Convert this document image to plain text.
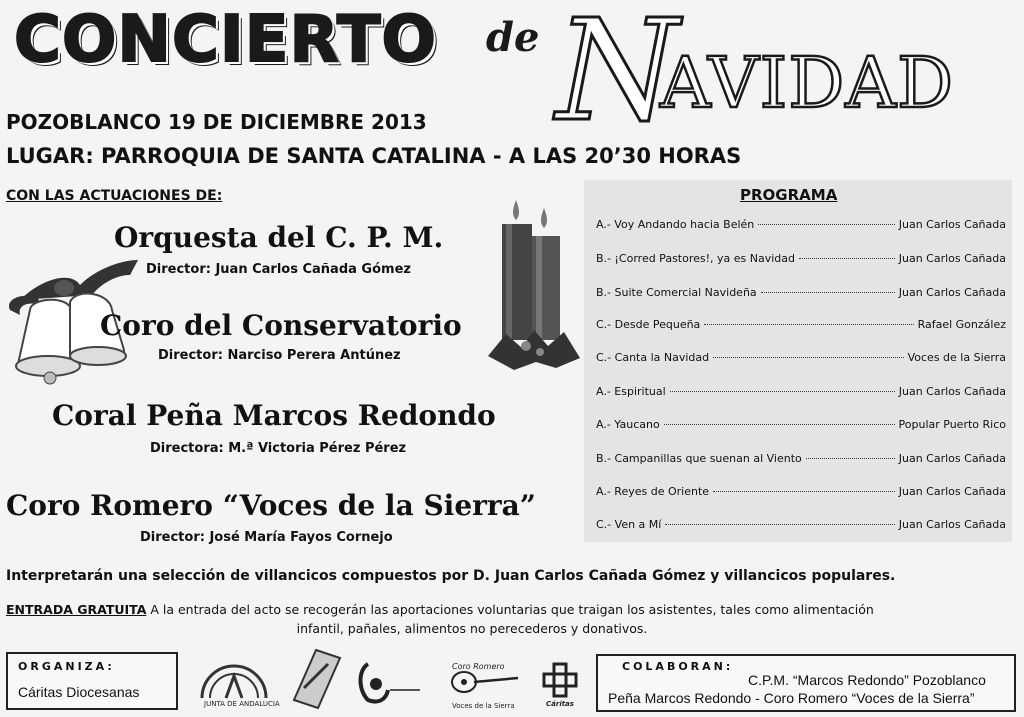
CONCIERTO de N
AVIDAD
POZOBLANCO 19 DE DICIEMBRE 2013
LUGAR: PARROQUIA DE SANTA CATALINA - A LAS 20’30 HORAS
CON LAS ACTUACIONES DE:
Orquesta del C. P. M.
Director: Juan Carlos Cañada Gómez
Coro del Conservatorio
Director: Narciso Perera Antúnez
Coral Peña Marcos Redondo
Directora: M.ª Victoria Pérez Pérez
Coro Romero “Voces de la Sierra”
Director: José María Fayos Cornejo
PROGRAMA
A.- Voy Andando hacia Belén	Juan Carlos Cañada
B.- ¡Corred Pastores!, ya es Navidad	Juan Carlos Cañada
B.- Suite Comercial Navideña	Juan Carlos Cañada
C.- Desde Pequeña	Rafael González
C.- Canta la Navidad	Voces de la Sierra
A.- Espiritual	Juan Carlos Cañada
A.- Yaucano	Popular Puerto Rico
B.- Campanillas que suenan al Viento	Juan Carlos Cañada
A.- Reyes de Oriente	Juan Carlos Cañada
C.- Ven a Mí	Juan Carlos Cañada
Interpretarán una selección de villancicos compuestos por D. Juan Carlos Cañada Gómez y villancicos populares.
ENTRADA GRATUITA A la entrada del acto se recogerán las aportaciones voluntarias que traigan los asistentes, tales como alimentación
infantil, pañales, alimentos no perecederos y donativos.
ORGANIZA:
Cáritas Diocesanas
JUNTA DE ANDALUCIA
Coro Romero
Voces de la Sierra	Cáritas
COLABORAN:
C.P.M. “Marcos Redondo” Pozoblanco
Peña Marcos Redondo - Coro Romero “Voces de la Sierra”
